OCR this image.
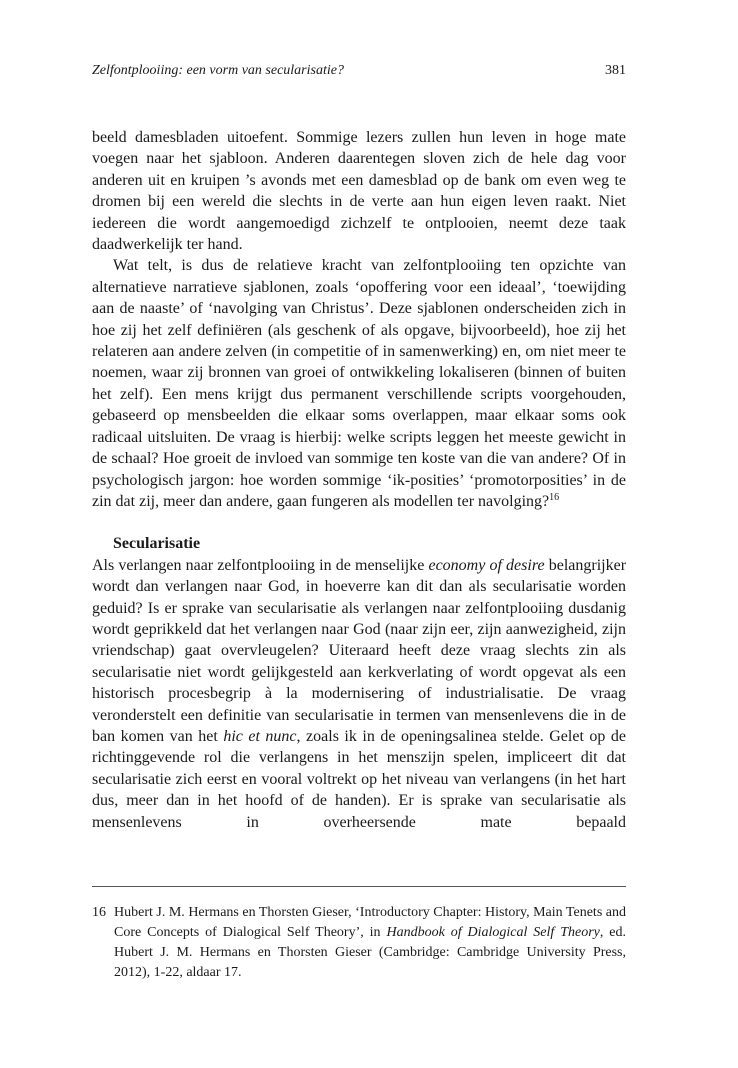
Zelfontplooiing: een vorm van secularisatie?	381

beeld damesbladen uitoefent. Sommige lezers zullen hun leven in hoge mate voegen naar het sjabloon. Anderen daarentegen sloven zich de hele dag voor anderen uit en kruipen ’s avonds met een damesblad op de bank om even weg te dromen bij een wereld die slechts in de verte aan hun eigen leven raakt. Niet iedereen die wordt aangemoedigd zichzelf te ontplooien, neemt deze taak daadwerkelijk ter hand.

Wat telt, is dus de relatieve kracht van zelfontplooiing ten opzichte van alternatieve narratieve sjablonen, zoals ‘opoffering voor een ideaal’, ‘toewijding aan de naaste’ of ‘navolging van Christus’. Deze sjablonen onderscheiden zich in hoe zij het zelf definiëren (als geschenk of als opgave, bijvoorbeeld), hoe zij het relateren aan andere zelven (in competitie of in samenwerking) en, om niet meer te noemen, waar zij bronnen van groei of ontwikkeling lokaliseren (binnen of buiten het zelf). Een mens krijgt dus permanent verschillende scripts voorgehouden, gebaseerd op mensbeelden die elkaar soms overlappen, maar elkaar soms ook radicaal uitsluiten. De vraag is hierbij: welke scripts leggen het meeste gewicht in de schaal? Hoe groeit de invloed van sommige ten koste van die van andere? Of in psychologisch jargon: hoe worden sommige ‘ik-posities’ ‘promotorposities’ in de zin dat zij, meer dan andere, gaan fungeren als modellen ter navolging?$^{16}$

Secularisatie

Als verlangen naar zelfontplooiing in de menselijke economy of desire belangrijker wordt dan verlangen naar God, in hoeverre kan dit dan als secularisatie worden geduid? Is er sprake van secularisatie als verlangen naar zelfontplooiing dusdanig wordt geprikkeld dat het verlangen naar God (naar zijn eer, zijn aanwezigheid, zijn vriendschap) gaat overvleugelen? Uiteraard heeft deze vraag slechts zin als secularisatie niet wordt gelijkgesteld aan kerkverlating of wordt opgevat als een historisch procesbegrip à la modernisering of industrialisatie. De vraag veronderstelt een definitie van secularisatie in termen van mensenlevens die in de ban komen van het hic et nunc, zoals ik in de openingsalinea stelde. Gelet op de richtinggevende rol die verlangens in het menszijn spelen, impliceert dit dat secularisatie zich eerst en vooral voltrekt op het niveau van verlangens (in het hart dus, meer dan in het hoofd of de handen). Er is sprake van secularisatie als mensenlevens in overheersende mate bepaald

16 Hubert J. M. Hermans en Thorsten Gieser, ‘Introductory Chapter: History, Main Tenets and Core Concepts of Dialogical Self Theory’, in Handbook of Dialogical Self Theory, ed. Hubert J. M. Hermans en Thorsten Gieser (Cambridge: Cambridge University Press, 2012), 1-22, aldaar 17.
